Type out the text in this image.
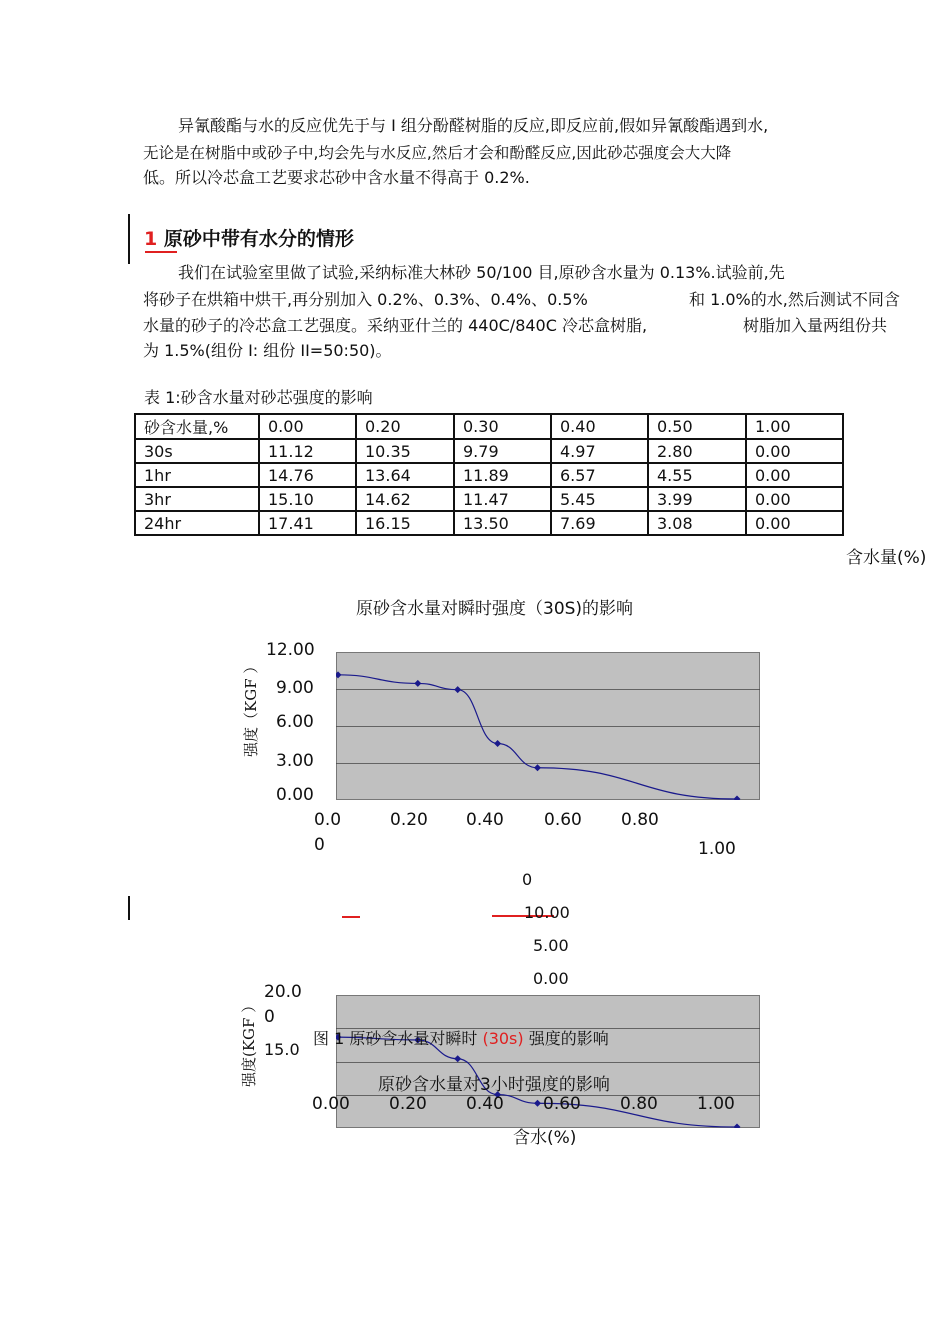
异氰酸酯与水的反应优先于与 I 组分酚醛树脂的反应,即反应前,假如异氰酸酯遇到水,
无论是在树脂中或砂子中,均会先与水反应,然后才会和酚醛反应,因此砂芯强度会大大降
低。所以冷芯盒工艺要求芯砂中含水量不得高于 0.2%.
1 原砂中带有水分的情形
我们在试验室里做了试验,采纳标准大林砂 50/100 目,原砂含水量为 0.13%.试验前,先
将砂子在烘箱中烘干,再分别加入 0.2%、0.3%、0.4%、0.5%	和 1.0%的水,然后测试不同含
水量的砂子的冷芯盒工艺强度。采纳亚什兰的 440C/840C 冷芯盒树脂,	树脂加入量两组份共
为 1.5%(组份 I: 组份 II=50:50)。
表 1:砂含水量对砂芯强度的影响
砂含水量,%	0.00	0.20	0.30	0.40	0.50	1.00
30s	11.12	10.35	9.79	4.97	2.80	0.00
1hr	14.76	13.64	11.89	6.57	4.55	0.00
3hr	15.10	14.62	11.47	5.45	3.99	0.00
24hr	17.41	16.15	13.50	7.69	3.08	0.00
含水量(%)
原砂含水量对瞬时强度（30S)的影响
强度（KGF ）
12.00
9.00
6.00
3.00
0.00
0.0
0
0.20 0.40 0.60 0.80
1.00
0
10.00
5.00
0.00
20.0
0
15.0
强度(KGF ）	图 1 原砂含水量对瞬时 (30s) 强度的影响
原砂含水量对3小时强度的影响
0.00 0.20 0.40 0.60 0.80 1.00
含水(%)
